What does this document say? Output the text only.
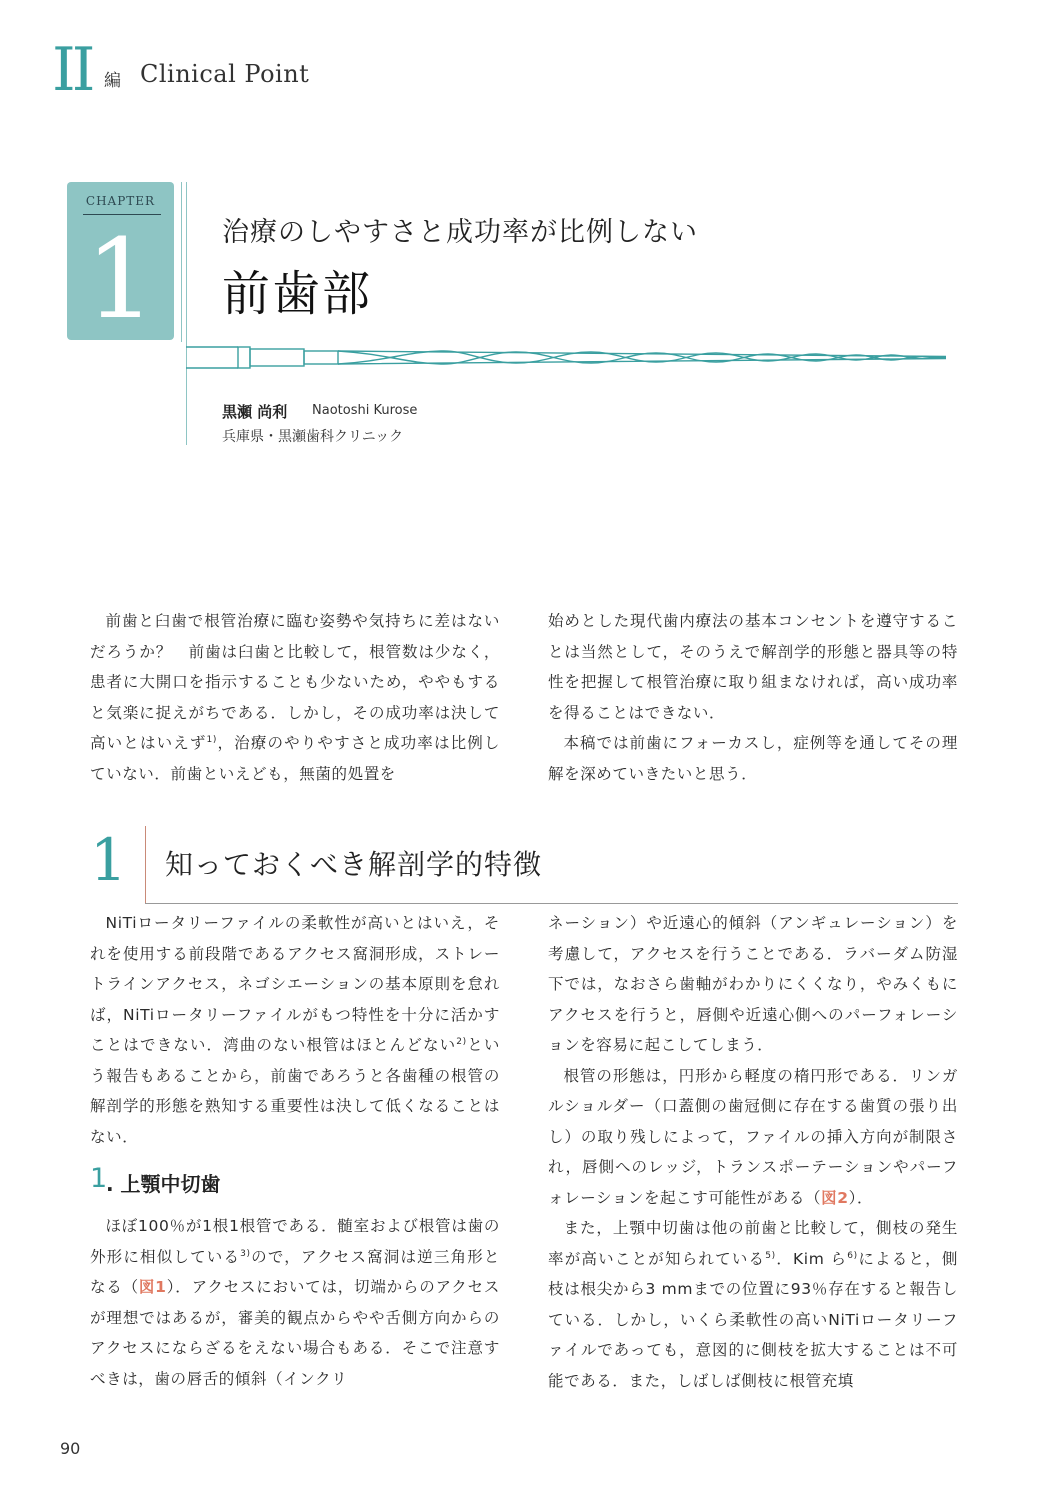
II 編 Clinical Point
CHAPTER
1	治療のしやすさと成功率が比例しない
前歯部
黒瀬 尚利 Naotoshi Kurose
兵庫県・黒瀬歯科クリニック

前歯と臼歯で根管治療に臨む姿勢や気持ちに差はないだろうか？　前歯は臼歯と比較して，根管数は少なく，患者に大開口を指示することも少ないため，ややもすると気楽に捉えがちである．しかし，その成功率は決して高いとはいえず$^{1)}$，治療のやりやすさと成功率は比例していない．前歯といえども，無菌的処置を

始めとした現代歯内療法の基本コンセントを遵守することは当然として，そのうえで解剖学的形態と器具等の特性を把握して根管治療に取り組まなければ，高い成功率を得ることはできない．

本稿では前歯にフォーカスし，症例等を通してその理解を深めていきたいと思う．

1 知っておくべき解剖学的特徴

NiTiロータリーファイルの柔軟性が高いとはいえ，それを使用する前段階であるアクセス窩洞形成，ストレートラインアクセス，ネゴシエーションの基本原則を怠れば，NiTiロータリーファイルがもつ特性を十分に活かすことはできない．湾曲のない根管はほとんどない$^{2)}$という報告もあることから，前歯であろうと各歯種の根管の解剖学的形態を熟知する重要性は決して低くなることはない．

1
. 上顎中切歯

ほぼ100％が1根1根管である．髄室および根管は歯の外形に相似している$^{3)}$ので，アクセス窩洞は逆三角形となる（図1）．アクセスにおいては，切端からのアクセスが理想ではあるが，審美的観点からやや舌側方向からのアクセスにならざるをえない場合もある．そこで注意すべきは，歯の唇舌的傾斜（インクリ

ネーション）や近遠心的傾斜（アンギュレーション）を考慮して，アクセスを行うことである．ラバーダム防湿下では，なおさら歯軸がわかりにくくなり，やみくもにアクセスを行うと，唇側や近遠心側へのパーフォレーションを容易に起こしてしまう．

根管の形態は，円形から軽度の楕円形である．リンガルショルダー（口蓋側の歯冠側に存在する歯質の張り出し）の取り残しによって，ファイルの挿入方向が制限され，唇側へのレッジ，トランスポーテーションやパーフォレーションを起こす可能性がある（図2）．

また，上顎中切歯は他の前歯と比較して，側枝の発生率が高いことが知られている$^{5)}$．Kim ら$^{6)}$によると，側枝は根尖から3 mmまでの位置に93％存在すると報告している．しかし，いくら柔軟性の高いNiTiロータリーファイルであっても，意図的に側枝を拡大することは不可能である．また，しばしば側枝に根管充填

90
